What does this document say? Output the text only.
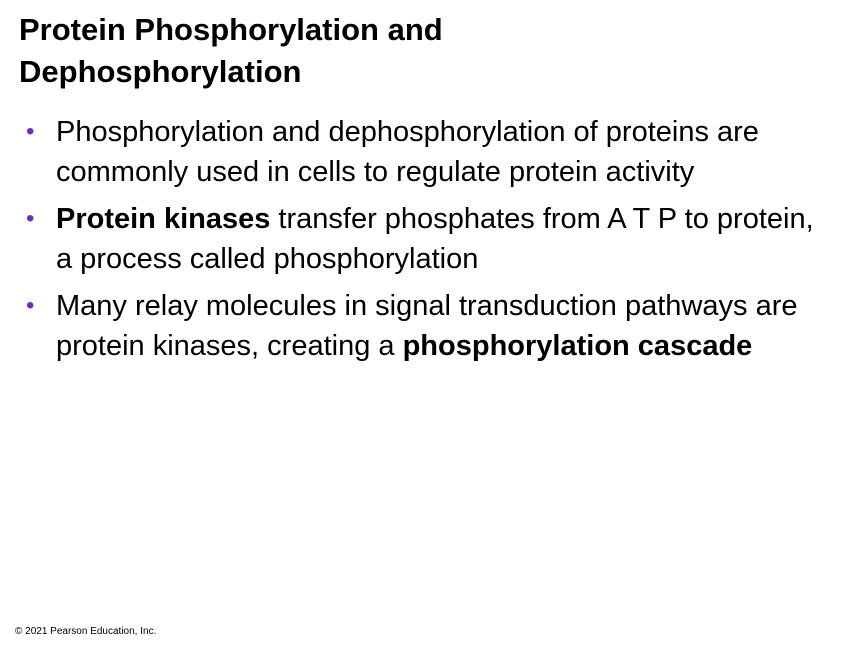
Protein Phosphorylation and
Dephosphorylation
• Phosphorylation and dephosphorylation of proteins are commonly used in cells to regulate protein activity
• Protein kinases transfer phosphates from A T P to protein, a process called phosphorylation
• Many relay molecules in signal transduction pathways are protein kinases, creating a phosphorylation cascade
© 2021 Pearson Education, Inc.
